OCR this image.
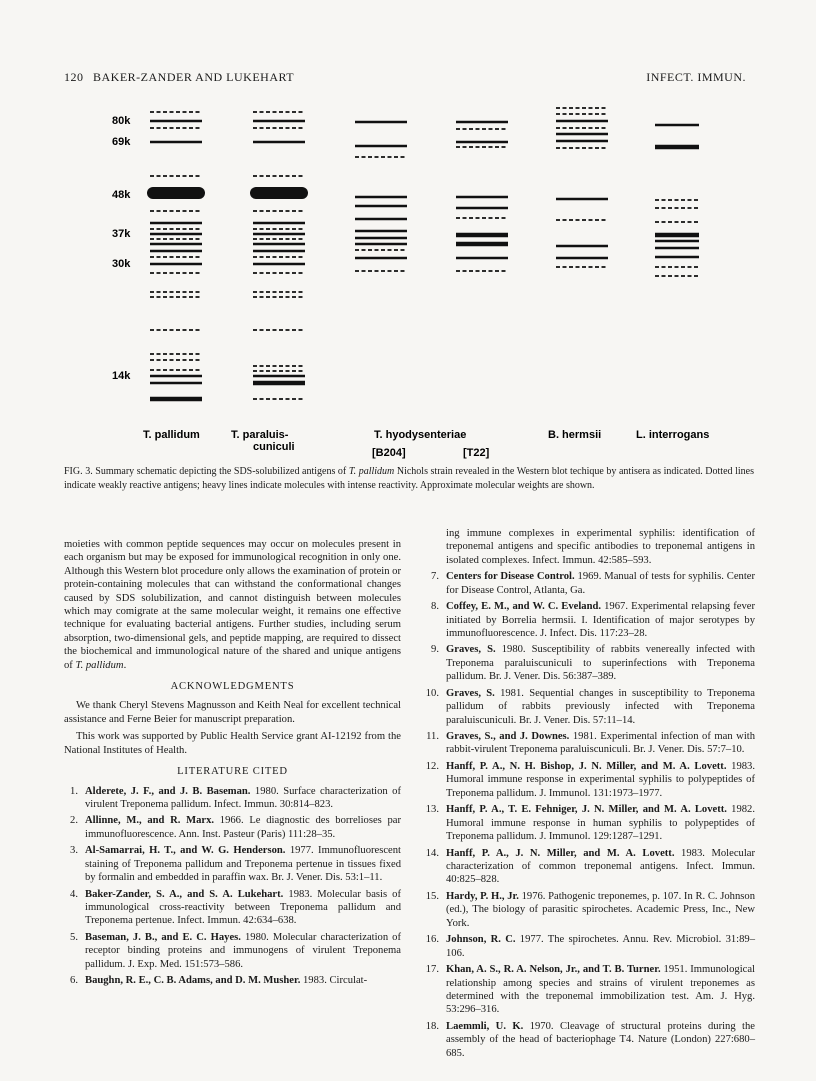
120 BAKER-ZANDER AND LUKEHART	INFECT. IMMUN.
80k
69k
48k
37k
30k
14k
T. pallidum	T. paraluis-
cuniculi
T. hyodysenteriae	B. hermsii	L. interrogans
[B204]	[T22]
FIG. 3. Summary schematic depicting the SDS-solubilized antigens of T. pallidum Nichols strain revealed in the Western blot techique by antisera as indicated. Dotted lines indicate weakly reactive antigens; heavy lines indicate molecules with intense reactivity. Approximate molecular weights are shown.

moieties with common peptide sequences may occur on molecules present in each organism but may be exposed for immunological recognition in only one. Although this Western blot procedure only allows the examination of protein or protein-containing molecules that can withstand the conformational changes caused by SDS solubilization, and cannot distinguish between molecules which may comigrate at the same molecular weight, it remains one effective technique for evaluating bacterial antigens. Further studies, including serum absorption, two-dimensional gels, and peptide mapping, are required to dissect the biochemical and immunological nature of the shared and unique antigens of T. pallidum.

ACKNOWLEDGMENTS

We thank Cheryl Stevens Magnusson and Keith Neal for excellent technical assistance and Ferne Beier for manuscript preparation.

This work was supported by Public Health Service grant AI-12192 from the National Institutes of Health.

LITERATURE CITED
1. Alderete, J. F., and J. B. Baseman. 1980. Surface characterization of virulent Treponema pallidum. Infect. Immun. 30:814–823.
2. Allinne, M., and R. Marx. 1966. Le diagnostic des borrelioses par immunofluorescence. Ann. Inst. Pasteur (Paris) 111:28–35.
3. Al-Samarrai, H. T., and W. G. Henderson. 1977. Immunofluorescent staining of Treponema pallidum and Treponema pertenue in tissues fixed by formalin and embedded in paraffin wax. Br. J. Vener. Dis. 53:1–11.
4. Baker-Zander, S. A., and S. A. Lukehart. 1983. Molecular basis of immunological cross-reactivity between Treponema pallidum and Treponema pertenue. Infect. Immun. 42:634–638.
5. Baseman, J. B., and E. C. Hayes. 1980. Molecular characterization of receptor binding proteins and immunogens of virulent Treponema pallidum. J. Exp. Med. 151:573–586.
6. Baughn, R. E., C. B. Adams, and D. M. Musher. 1983. Circulat-

ing immune complexes in experimental syphilis: identification of treponemal antigens and specific antibodies to treponemal antigens in isolated complexes. Infect. Immun. 42:585–593.

7. Centers for Disease Control. 1969. Manual of tests for syphilis. Center for Disease Control, Atlanta, Ga.
8. Coffey, E. M., and W. C. Eveland. 1967. Experimental relapsing fever initiated by Borrelia hermsii. I. Identification of major serotypes by immunofluorescence. J. Infect. Dis. 117:23–28.
9. Graves, S. 1980. Susceptibility of rabbits venereally infected with Treponema paraluiscuniculi to superinfections with Treponema pallidum. Br. J. Vener. Dis. 56:387–389.
10. Graves, S. 1981. Sequential changes in susceptibility to Treponema pallidum of rabbits previously infected with Treponema paraluiscuniculi. Br. J. Vener. Dis. 57:11–14.
11. Graves, S., and J. Downes. 1981. Experimental infection of man with rabbit-virulent Treponema paraluiscuniculi. Br. J. Vener. Dis. 57:7–10.
12. Hanff, P. A., N. H. Bishop, J. N. Miller, and M. A. Lovett. 1983. Humoral immune response in experimental syphilis to polypeptides of Treponema pallidum. J. Immunol. 131:1973–1977.
13. Hanff, P. A., T. E. Fehniger, J. N. Miller, and M. A. Lovett. 1982. Humoral immune response in human syphilis to polypeptides of Treponema pallidum. J. Immunol. 129:1287–1291.
14. Hanff, P. A., J. N. Miller, and M. A. Lovett. 1983. Molecular characterization of common treponemal antigens. Infect. Immun. 40:825–828.
15. Hardy, P. H., Jr. 1976. Pathogenic treponemes, p. 107. In R. C. Johnson (ed.), The biology of parasitic spirochetes. Academic Press, Inc., New York.
16. Johnson, R. C. 1977. The spirochetes. Annu. Rev. Microbiol. 31:89–106.
17. Khan, A. S., R. A. Nelson, Jr., and T. B. Turner. 1951. Immunological relationship among species and strains of virulent treponemes as determined with the treponemal immobilization test. Am. J. Hyg. 53:296–316.
18. Laemmli, U. K. 1970. Cleavage of structural proteins during the assembly of the head of bacteriophage T4. Nature (London) 227:680–685.
